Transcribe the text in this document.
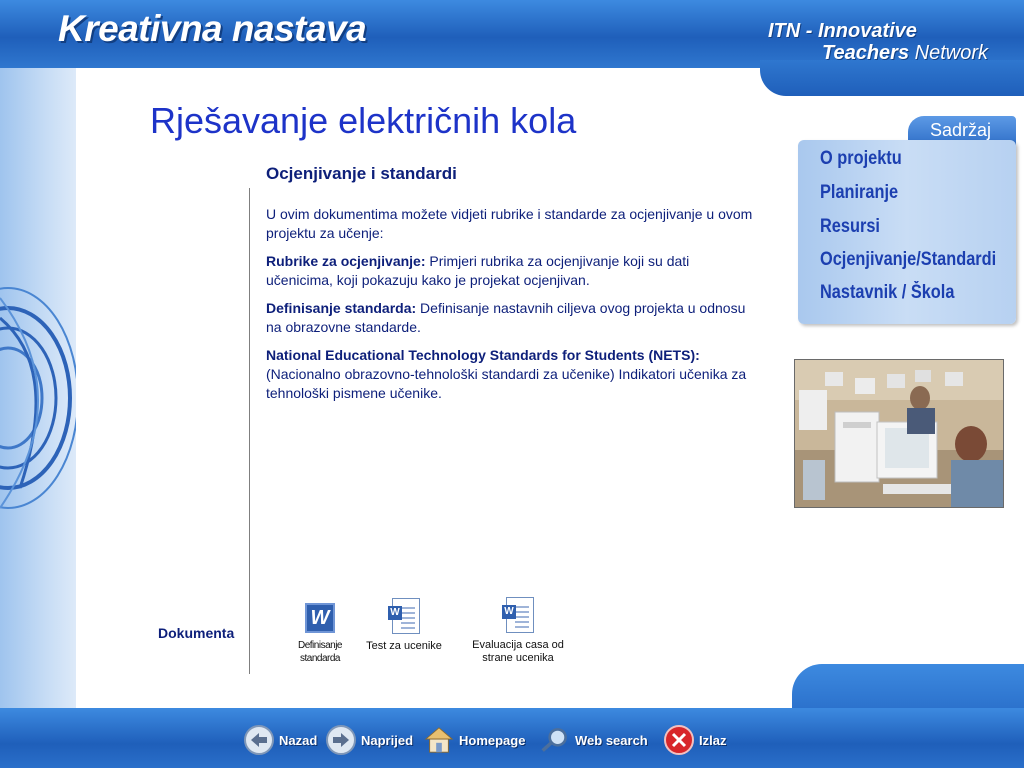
Kreativna nastava	ITN - Innovative
Teachers Network
Rješavanje električnih kola
Ocjenjivanje i standardi

U ovim dokumentima možete vidjeti rubrike i standarde za ocjenjivanje u ovom projektu za učenje:

Rubrike za ocjenjivanje: Primjeri rubrika za ocjenjivanje koji su dati učenicima, koji pokazuju kako je projekat ocjenjivan.

Definisanje standarda: Definisanje nastavnih ciljeva ovog projekta u odnosu na obrazovne standarde.

National Educational Technology Standards for Students (NETS): (Nacionalno obrazovno-tehnološki standardi za učenike) Indikatori učenika za tehnološki pismene učenike.

Dokumenta
W
Definisanje
standarda
W
Test za ucenike
W
Evaluacija casa od
strane ucenika
Sadržaj
O projektu
Planiranje
Resursi
Ocjenjivanje/Standardi
Nastavnik / Škola
Nazad	Naprijed	Homepage	Web search	Izlaz
